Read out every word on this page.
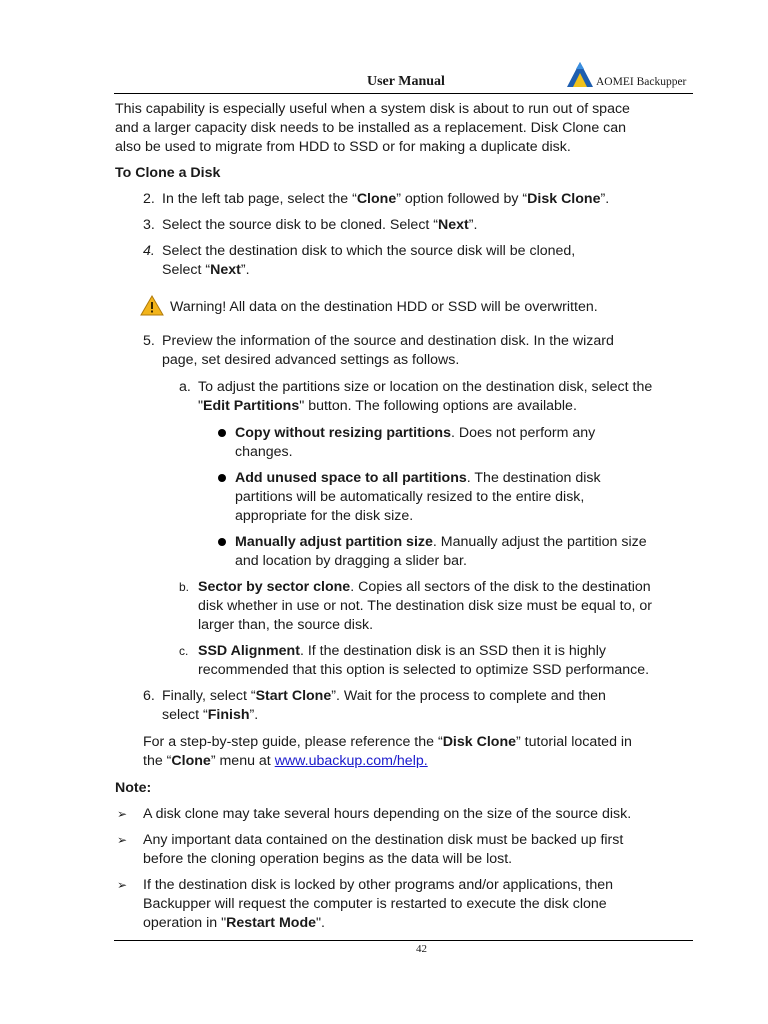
User Manual	AOMEI Backupper
This capability is especially useful when a system disk is about to run out of space
and a larger capacity disk needs to be installed as a replacement. Disk Clone can
also be used to migrate from HDD to SSD or for making a duplicate disk.
To Clone a Disk
2. In the left tab page, select the “Clone” option followed by “Disk Clone”.
3. Select the source disk to be cloned. Select “Next”.
4. Select the destination disk to which the source disk will be cloned,
Select “Next”.
Warning! All data on the destination HDD or SSD will be overwritten.
5. Preview the information of the source and destination disk. In the wizard
page, set desired advanced settings as follows.
a. To adjust the partitions size or location on the destination disk, select the
"Edit Partitions" button. The following options are available.
Copy without resizing partitions. Does not perform any
changes.
Add unused space to all partitions. The destination disk
partitions will be automatically resized to the entire disk,
appropriate for the disk size.
Manually adjust partition size. Manually adjust the partition size
and location by dragging a slider bar.
b. Sector by sector clone. Copies all sectors of the disk to the destination
disk whether in use or not. The destination disk size must be equal to, or
larger than, the source disk.
c. SSD Alignment. If the destination disk is an SSD then it is highly
recommended that this option is selected to optimize SSD performance.
6. Finally, select “Start Clone”. Wait for the process to complete and then
select “Finish”.
For a step-by-step guide, please reference the “Disk Clone” tutorial located in
the “Clone” menu at www.ubackup.com/help.
Note:
➢ A disk clone may take several hours depending on the size of the source disk.
➢ Any important data contained on the destination disk must be backed up first
before the cloning operation begins as the data will be lost.
➢ If the destination disk is locked by other programs and/or applications, then
Backupper will request the computer is restarted to execute the disk clone
operation in "Restart Mode".
42
